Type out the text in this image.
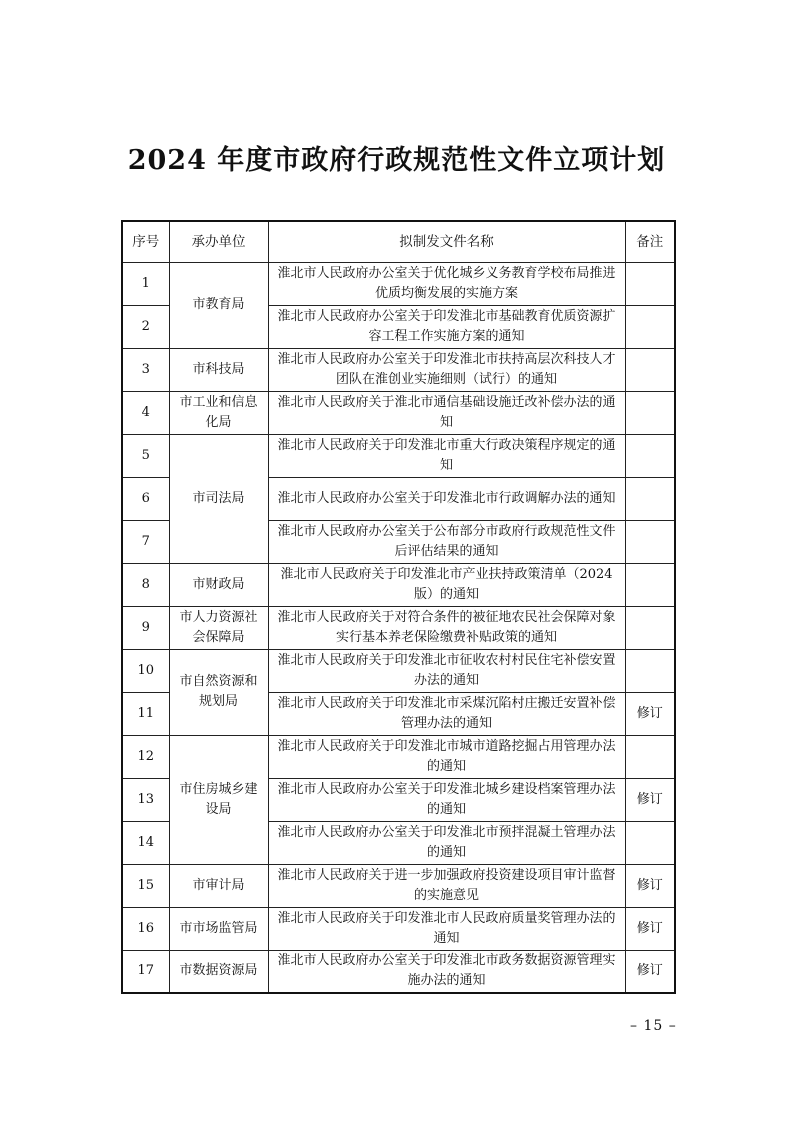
2024 年度市政府行政规范性文件立项计划
序号	承办单位	拟制发文件名称	备注
1	市教育局	淮北市人民政府办公室关于优化城乡义务教育学校布局推进优质均衡发展的实施方案	
2		淮北市人民政府办公室关于印发淮北市基础教育优质资源扩容工程工作实施方案的通知	
3	市科技局	淮北市人民政府办公室关于印发淮北市扶持高层次科技人才团队在淮创业实施细则（试行）的通知	
4	市工业和信息化局	淮北市人民政府关于淮北市通信基础设施迁改补偿办法的通知	
5	市司法局	淮北市人民政府关于印发淮北市重大行政决策程序规定的通知	
6		淮北市人民政府办公室关于印发淮北市行政调解办法的通知	
7		淮北市人民政府办公室关于公布部分市政府行政规范性文件后评估结果的通知	
8	市财政局	淮北市人民政府关于印发淮北市产业扶持政策清单（2024版）的通知	
9	市人力资源社会保障局	淮北市人民政府关于对符合条件的被征地农民社会保障对象实行基本养老保险缴费补贴政策的通知	
10	市自然资源和规划局	淮北市人民政府关于印发淮北市征收农村村民住宅补偿安置办法的通知	
11		淮北市人民政府关于印发淮北市采煤沉陷村庄搬迁安置补偿管理办法的通知	修订
12	市住房城乡建设局	淮北市人民政府关于印发淮北市城市道路挖掘占用管理办法的通知	
13		淮北市人民政府办公室关于印发淮北城乡建设档案管理办法的通知	修订
14		淮北市人民政府办公室关于印发淮北市预拌混凝土管理办法的通知	
15	市审计局	淮北市人民政府关于进一步加强政府投资建设项目审计监督的实施意见	修订
16	市市场监管局	淮北市人民政府关于印发淮北市人民政府质量奖管理办法的通知	修订
17	市数据资源局	淮北市人民政府办公室关于印发淮北市政务数据资源管理实施办法的通知	修订
– 15 –
